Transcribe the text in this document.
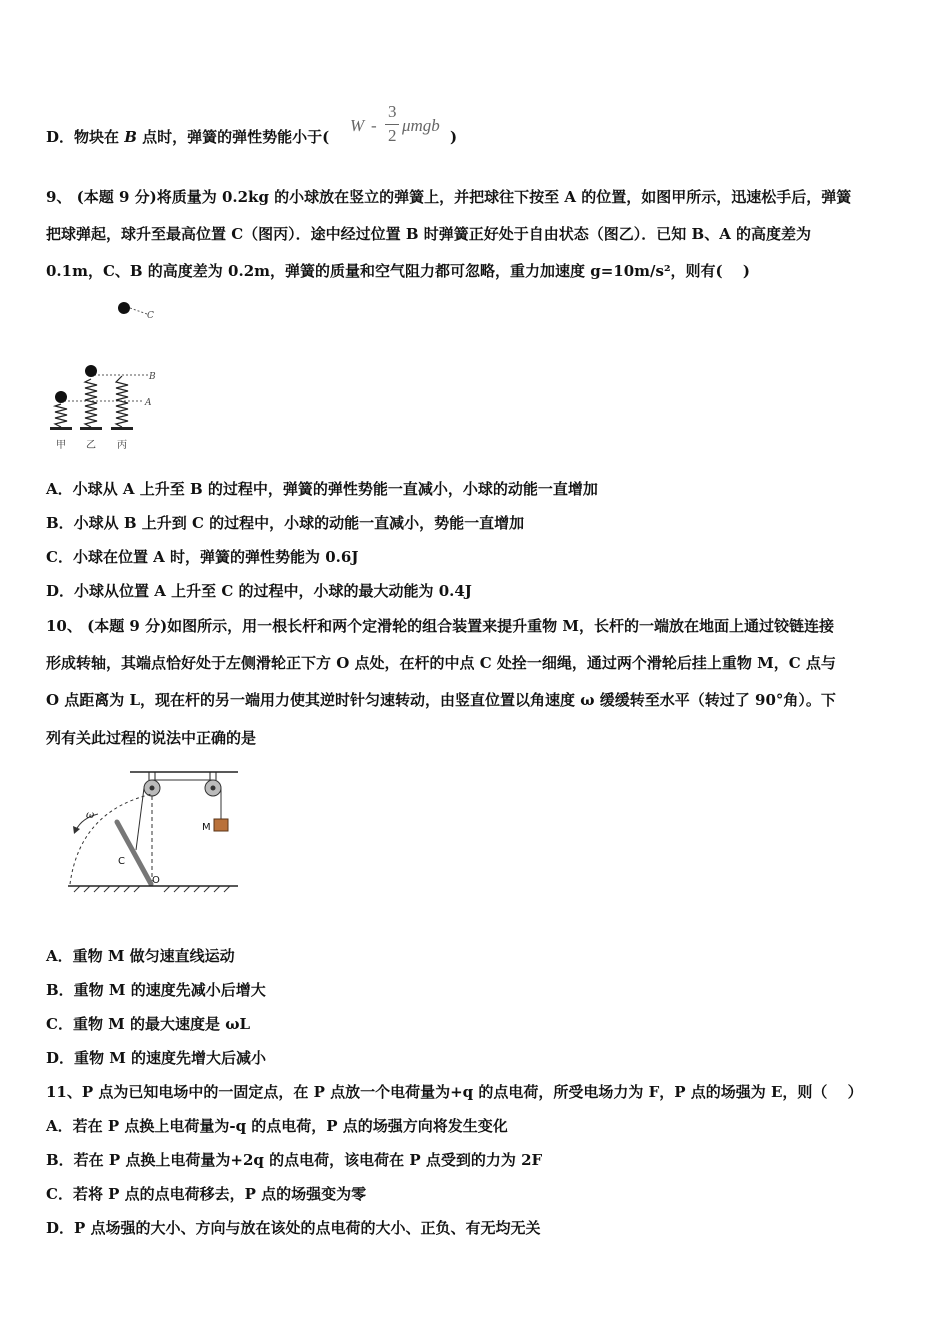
D．物块在 B 点时，弹簧的弹性势能小于(
W -
3
2
μmgb
)
9、 (本题 9 分)将质量为 0.2kg 的小球放在竖立的弹簧上，并把球往下按至 A 的位置，如图甲所示，迅速松手后，弹簧
把球弹起，球升至最高位置 C（图丙）．途中经过位置 B 时弹簧正好处于自由状态（图乙）．已知 B、A 的高度差为
0.1m，C、B 的高度差为 0.2m，弹簧的质量和空气阻力都可忽略，重力加速度 g=10m/s²，则有(　 )
C
B
A
甲 乙 丙
A．小球从 A 上升至 B 的过程中，弹簧的弹性势能一直减小，小球的动能一直增加
B．小球从 B 上升到 C 的过程中，小球的动能一直减小，势能一直增加
C．小球在位置 A 时，弹簧的弹性势能为 0.6J
D．小球从位置 A 上升至 C 的过程中，小球的最大动能为 0.4J
10、 (本题 9 分)如图所示，用一根长杆和两个定滑轮的组合装置来提升重物 M，长杆的一端放在地面上通过铰链连接
形成转轴，其端点恰好处于左侧滑轮正下方 O 点处，在杆的中点 C 处拴一细绳，通过两个滑轮后挂上重物 M，C 点与
O 点距离为 L，现在杆的另一端用力使其逆时针匀速转动，由竖直位置以角速度 ω 缓缓转至水平（转过了 90°角）。下
列有关此过程的说法中正确的是
M
ω
C
O
A．重物 M 做匀速直线运动
B．重物 M 的速度先减小后增大
C．重物 M 的最大速度是 ωL
D．重物 M 的速度先增大后减小
11、P 点为已知电场中的一固定点，在 P 点放一个电荷量为+q 的点电荷，所受电场力为 F，P 点的场强为 E，则（　 ）
A．若在 P 点换上电荷量为-q 的点电荷，P 点的场强方向将发生变化
B．若在 P 点换上电荷量为+2q 的点电荷，该电荷在 P 点受到的力为 2F
C．若将 P 点的点电荷移去，P 点的场强变为零
D．P 点场强的大小、方向与放在该处的点电荷的大小、正负、有无均无关
